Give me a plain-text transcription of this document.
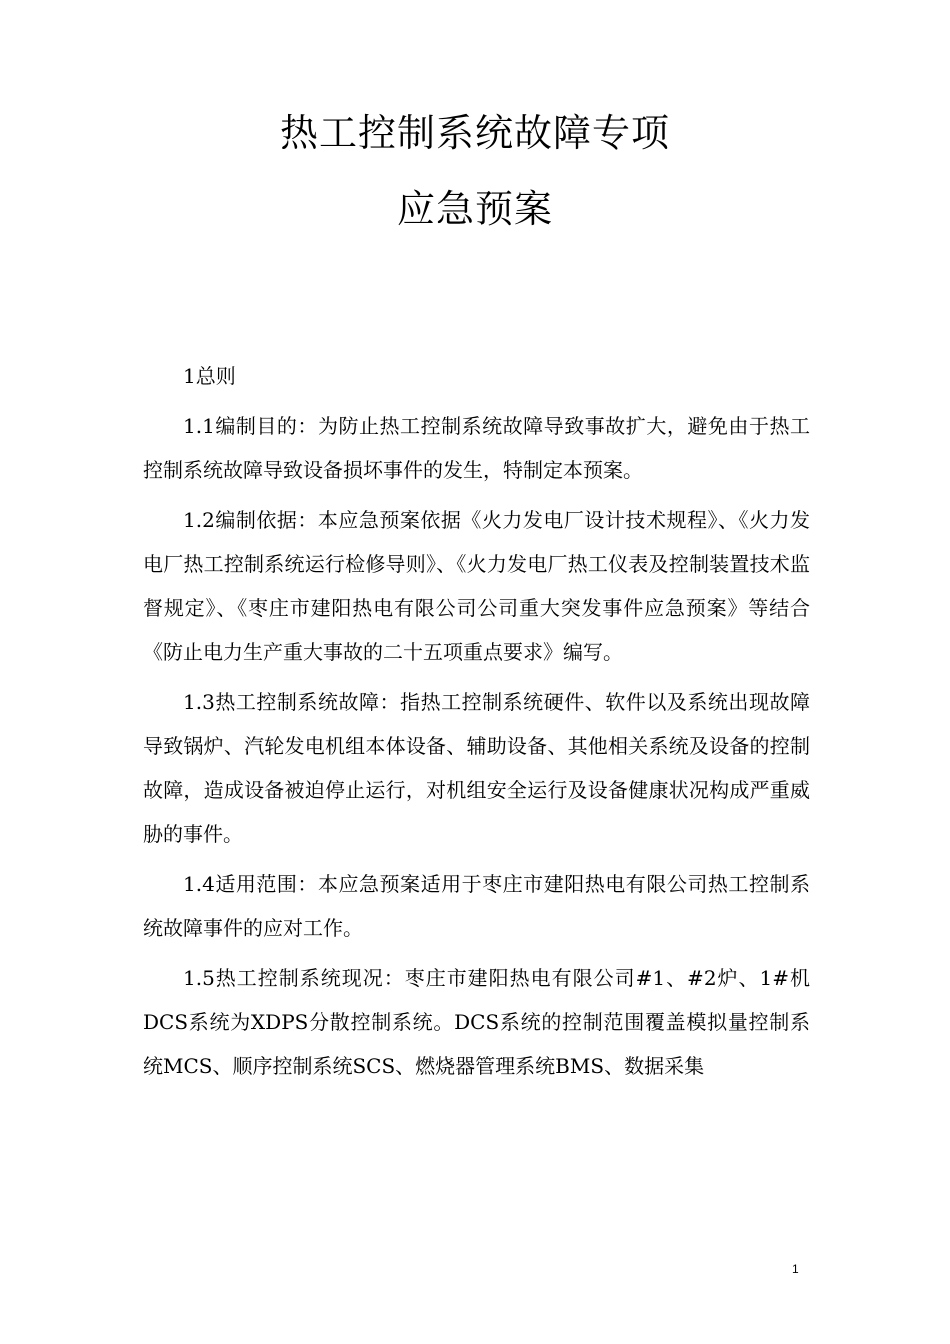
热工控制系统故障专项
应急预案

1总则

1.1编制目的：为防止热工控制系统故障导致事故扩大，避免由于热工控制系统故障导致设备损坏事件的发生，特制定本预案。

1.2编制依据：本应急预案依据《火力发电厂设计技术规程》、《火力发电厂热工控制系统运行检修导则》、《火力发电厂热工仪表及控制装置技术监督规定》、《枣庄市建阳热电有限公司公司重大突发事件应急预案》等结合《防止电力生产重大事故的二十五项重点要求》编写。

1.3热工控制系统故障：指热工控制系统硬件、软件以及系统出现故障导致锅炉、汽轮发电机组本体设备、辅助设备、其他相关系统及设备的控制故障，造成设备被迫停止运行，对机组安全运行及设备健康状况构成严重威胁的事件。

1.4适用范围：本应急预案适用于枣庄市建阳热电有限公司热工控制系统故障事件的应对工作。

1.5热工控制系统现况：枣庄市建阳热电有限公司#1、#2炉、1#机DCS系统为XDPS分散控制系统。DCS系统的控制范围覆盖模拟量控制系统MCS、顺序控制系统SCS、燃烧器管理系统BMS、数据采集

1
